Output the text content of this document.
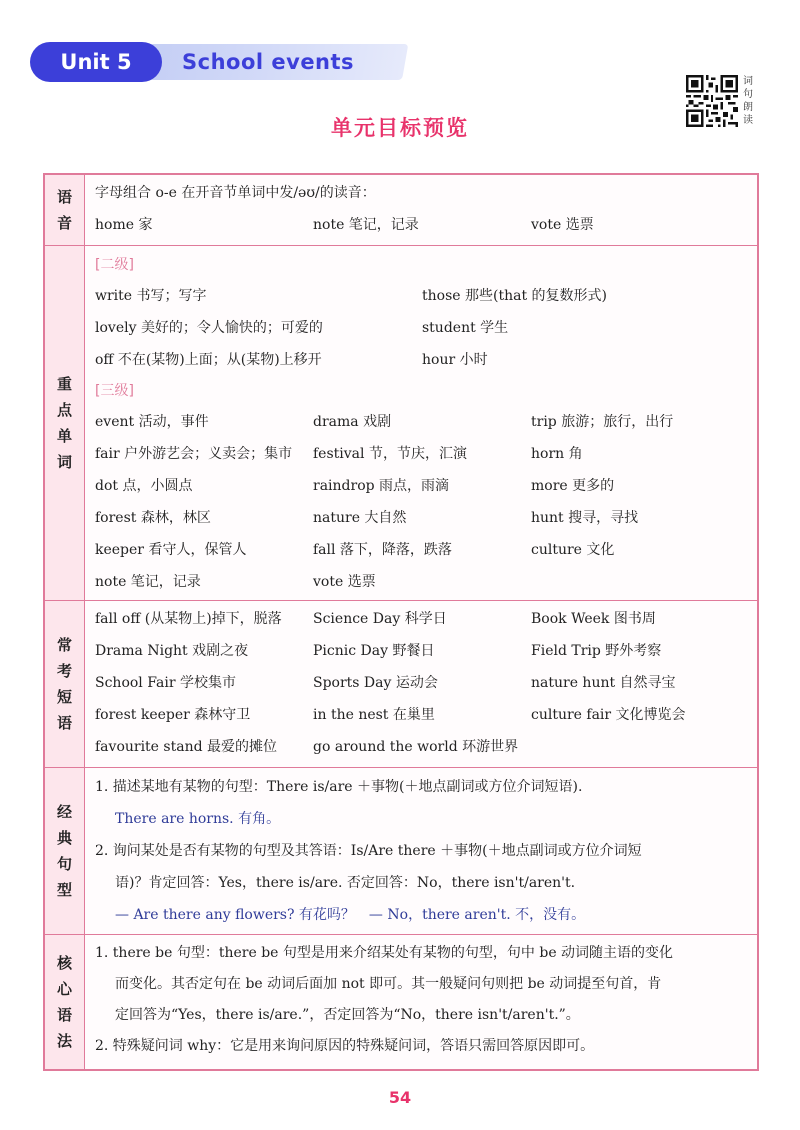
Unit 5	School events
词句朗读
单元目标预览
语音
字母组合 o-e 在开音节单词中发/əʊ/的读音：
home 家	note 笔记，记录	vote 选票
重点单词
[二级]
write 书写；写字	those 那些(that 的复数形式)
lovely 美好的；令人愉快的；可爱的	student 学生
off 不在(某物)上面；从(某物)上移开	hour 小时
[三级]
event 活动，事件	drama 戏剧	trip 旅游；旅行，出行
fair 户外游艺会；义卖会；集市	festival 节，节庆，汇演	horn 角
dot 点，小圆点	raindrop 雨点，雨滴	more 更多的
forest 森林，林区	nature 大自然	hunt 搜寻，寻找
keeper 看守人，保管人	fall 落下，降落，跌落	culture 文化
note 笔记，记录	vote 选票
常考短语
fall off (从某物上)掉下，脱落	Science Day 科学日	Book Week 图书周
Drama Night 戏剧之夜	Picnic Day 野餐日	Field Trip 野外考察
School Fair 学校集市	Sports Day 运动会	nature hunt 自然寻宝
forest keeper 森林守卫	in the nest 在巢里	culture fair 文化博览会
favourite stand 最爱的摊位	go around the world 环游世界
经典句型
1. 描述某地有某物的句型：There is/are ＋事物(＋地点副词或方位介词短语).
There are horns. 有角。
2. 询问某处是否有某物的句型及其答语：Is/Are there ＋事物(＋地点副词或方位介词短
语)？肯定回答：Yes，there is/are. 否定回答：No，there isn't/aren't.
— Are there any flowers? 有花吗？　— No，there aren't. 不，没有。
核心语法
1. there be 句型：there be 句型是用来介绍某处有某物的句型，句中 be 动词随主语的变化
而变化。其否定句在 be 动词后面加 not 即可。其一般疑问句则把 be 动词提至句首，肯
定回答为“Yes，there is/are.”，否定回答为“No，there isn't/aren't.”。
2. 特殊疑问词 why：它是用来询问原因的特殊疑问词，答语只需回答原因即可。
54
